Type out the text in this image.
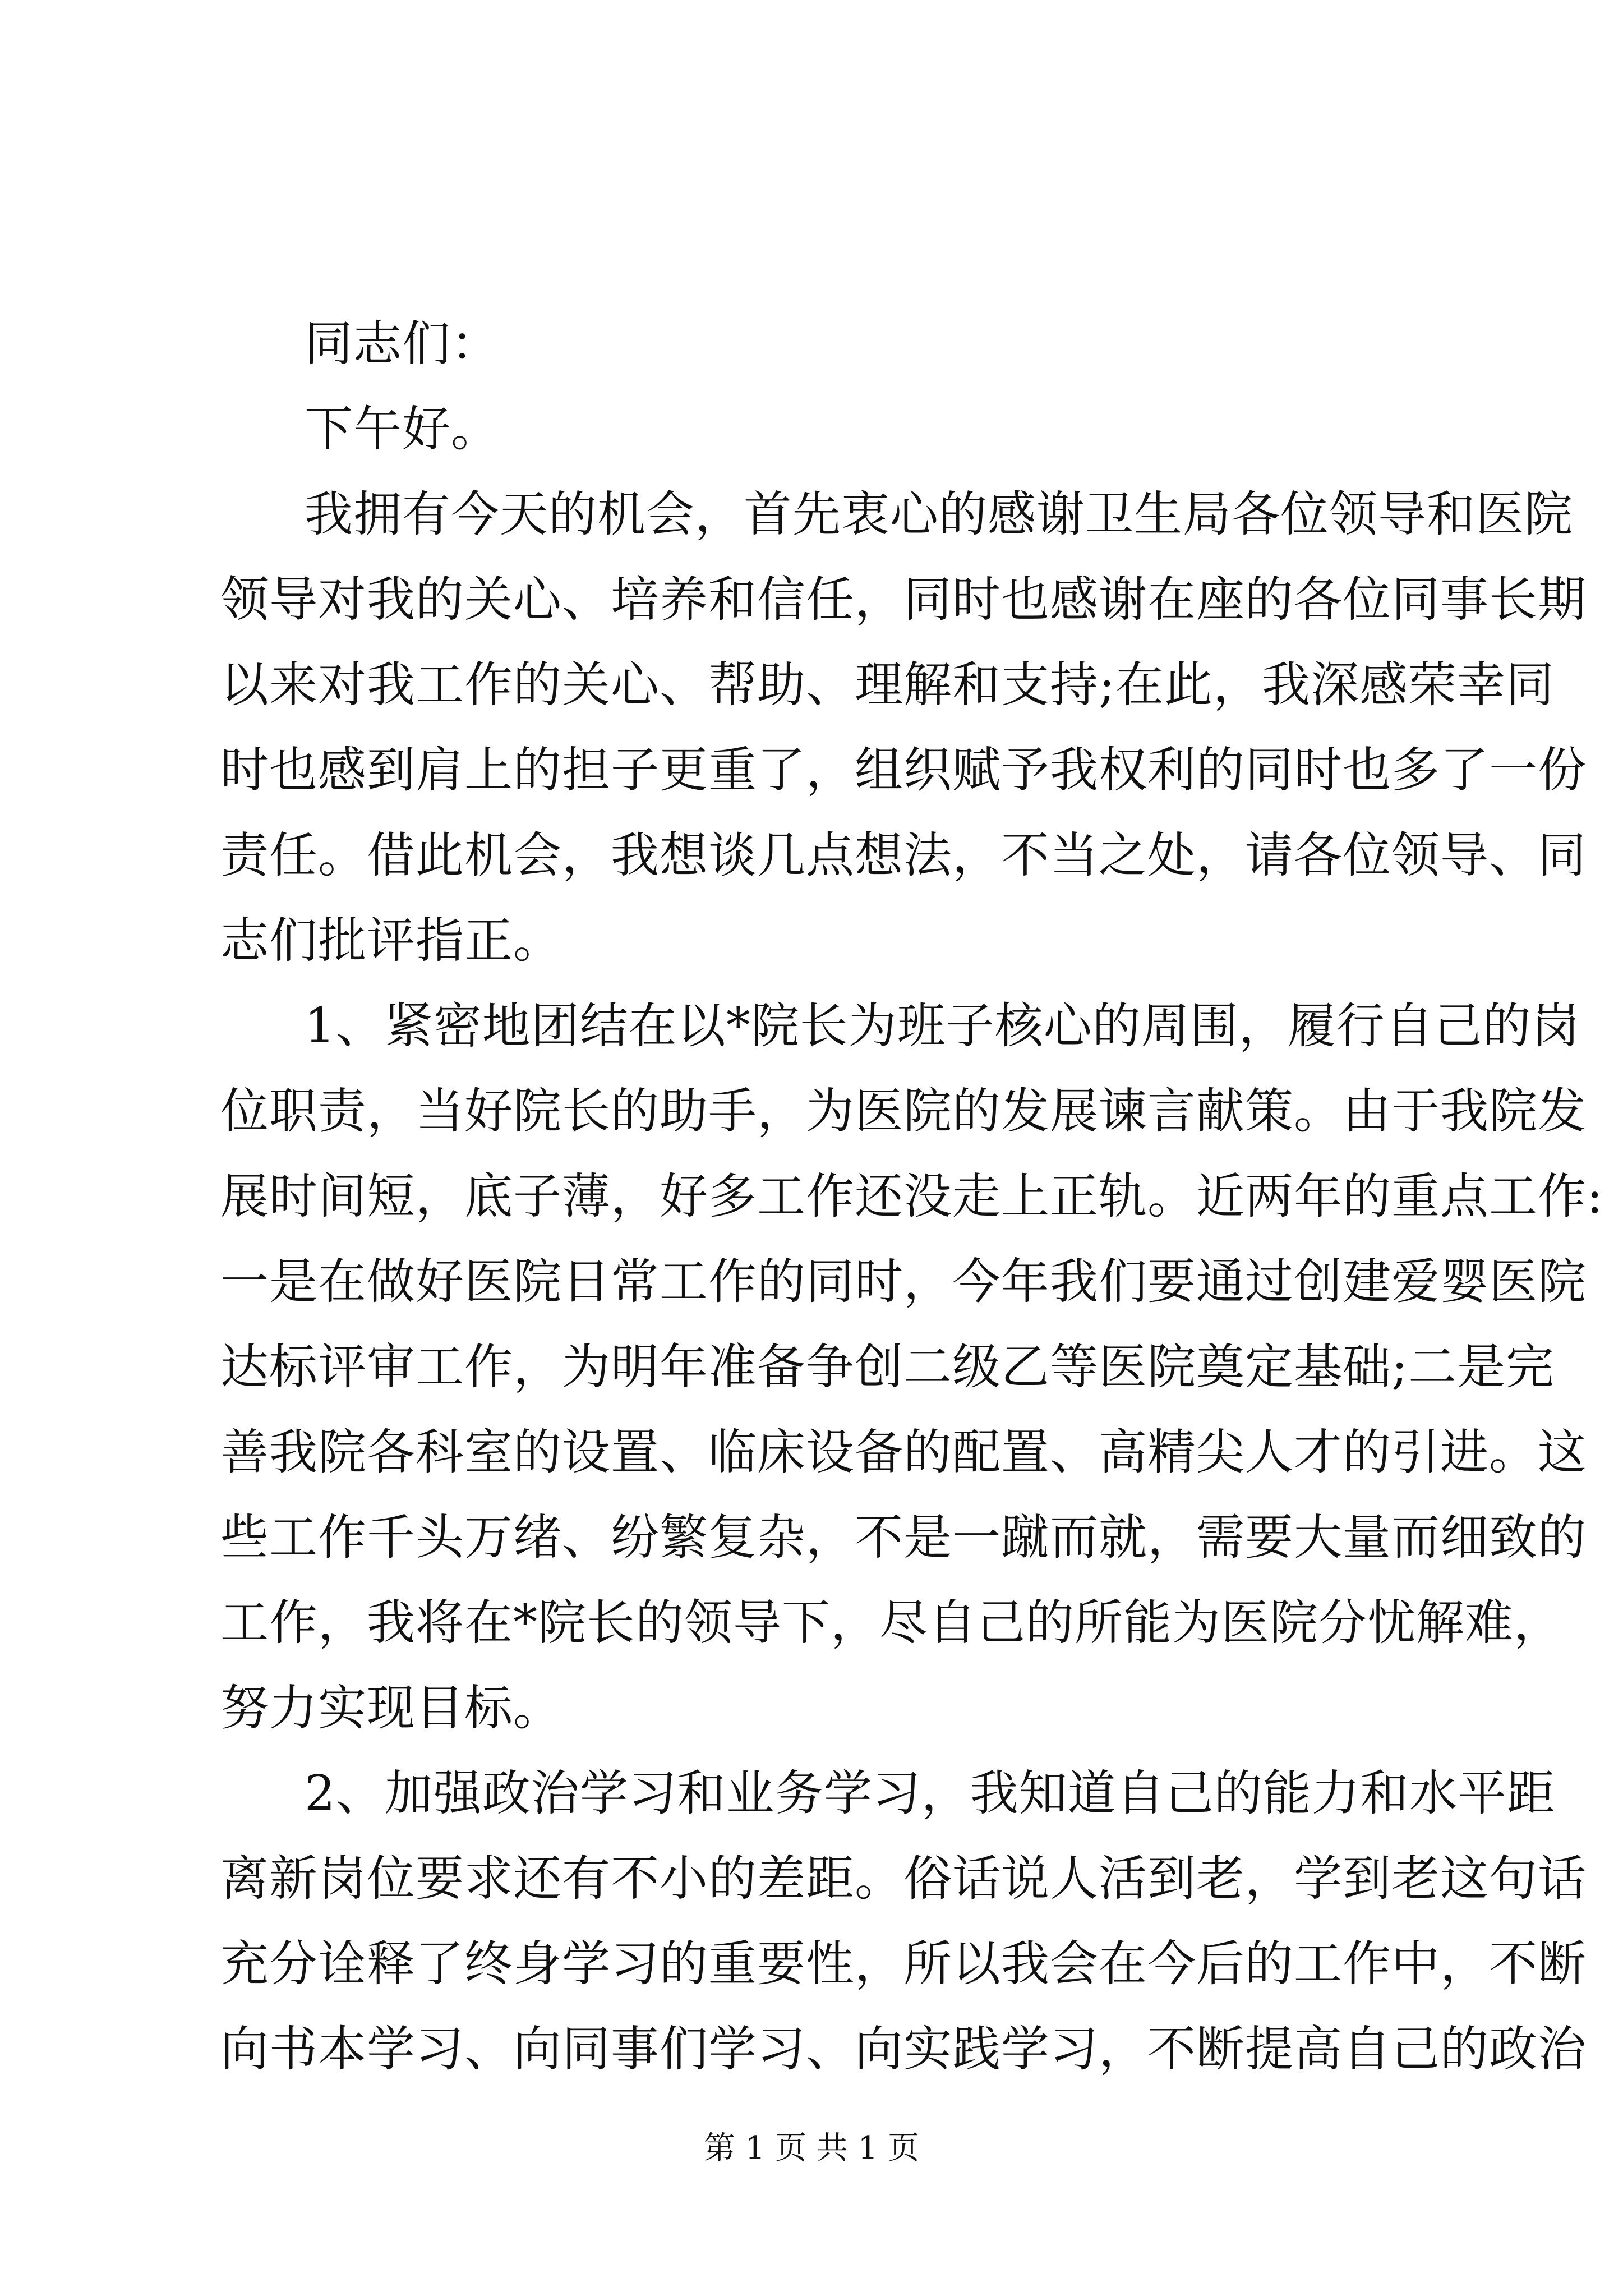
同志们：
下午好。
我拥有今天的机会，首先衷心的感谢卫生局各位领导和医院
领导对我的关心、培养和信任，同时也感谢在座的各位同事长期
以来对我工作的关心、帮助、理解和支持;在此，我深感荣幸同
时也感到肩上的担子更重了，组织赋予我权利的同时也多了一份
责任。借此机会，我想谈几点想法，不当之处，请各位领导、同
志们批评指正。
1、紧密地团结在以*院长为班子核心的周围，履行自己的岗
位职责，当好院长的助手，为医院的发展谏言献策。由于我院发
展时间短，底子薄，好多工作还没走上正轨。近两年的重点工作:
一是在做好医院日常工作的同时，今年我们要通过创建爱婴医院
达标评审工作，为明年准备争创二级乙等医院奠定基础;二是完
善我院各科室的设置、临床设备的配置、高精尖人才的引进。这
些工作千头万绪、纷繁复杂，不是一蹴而就，需要大量而细致的
工作，我将在*院长的领导下，尽自己的所能为医院分忧解难，
努力实现目标。
2、加强政治学习和业务学习，我知道自己的能力和水平距
离新岗位要求还有不小的差距。俗话说人活到老，学到老这句话
充分诠释了终身学习的重要性，所以我会在今后的工作中，不断
向书本学习、向同事们学习、向实践学习，不断提高自己的政治
第 1 页 共 1 页
